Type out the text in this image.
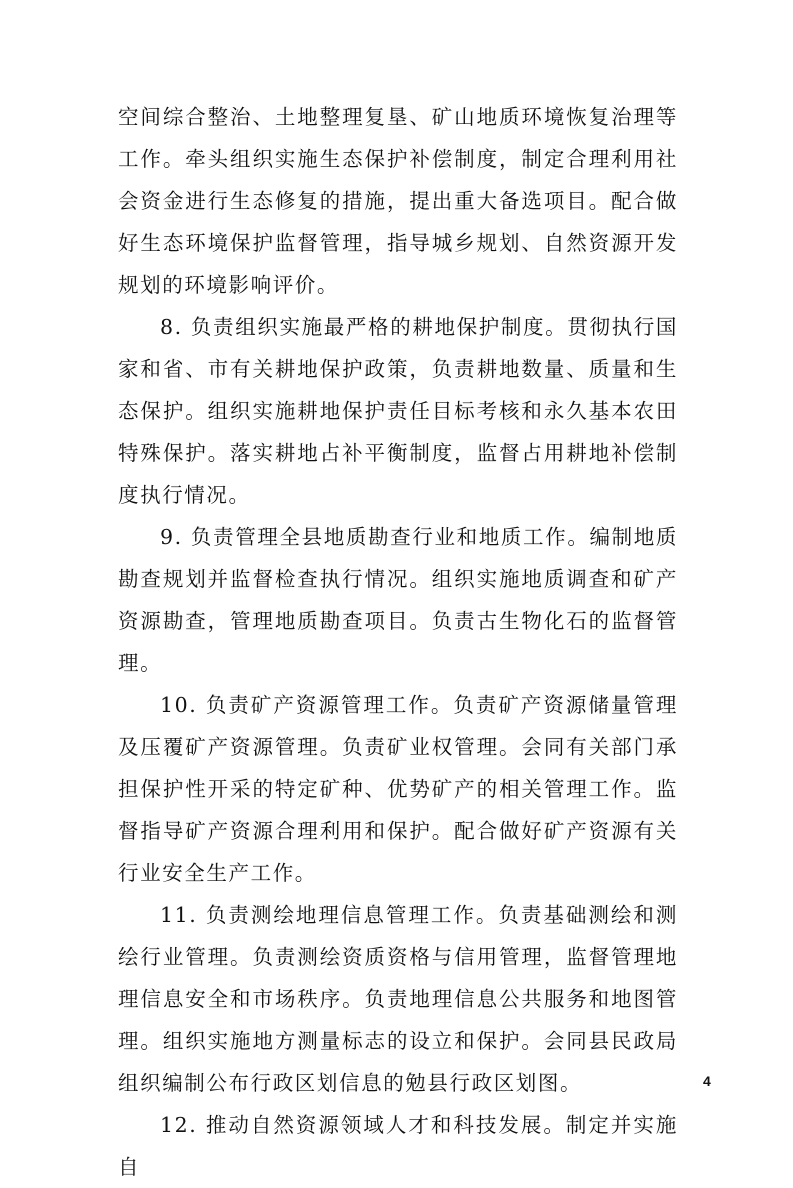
空间综合整治、土地整理复垦、矿山地质环境恢复治理等工作。牵头组织实施生态保护补偿制度，制定合理利用社会资金进行生态修复的措施，提出重大备选项目。配合做好生态环境保护监督管理，指导城乡规划、自然资源开发规划的环境影响评价。

8. 负责组织实施最严格的耕地保护制度。贯彻执行国家和省、市有关耕地保护政策，负责耕地数量、质量和生态保护。组织实施耕地保护责任目标考核和永久基本农田特殊保护。落实耕地占补平衡制度，监督占用耕地补偿制度执行情况。

9. 负责管理全县地质勘查行业和地质工作。编制地质勘查规划并监督检查执行情况。组织实施地质调查和矿产资源勘查，管理地质勘查项目。负责古生物化石的监督管理。

10. 负责矿产资源管理工作。负责矿产资源储量管理及压覆矿产资源管理。负责矿业权管理。会同有关部门承担保护性开采的特定矿种、优势矿产的相关管理工作。监督指导矿产资源合理利用和保护。配合做好矿产资源有关行业安全生产工作。

11. 负责测绘地理信息管理工作。负责基础测绘和测绘行业管理。负责测绘资质资格与信用管理，监督管理地理信息安全和市场秩序。负责地理信息公共服务和地图管理。组织实施地方测量标志的设立和保护。会同县民政局组织编制公布行政区划信息的勉县行政区划图。

12. 推动自然资源领域人才和科技发展。制定并实施自

4
